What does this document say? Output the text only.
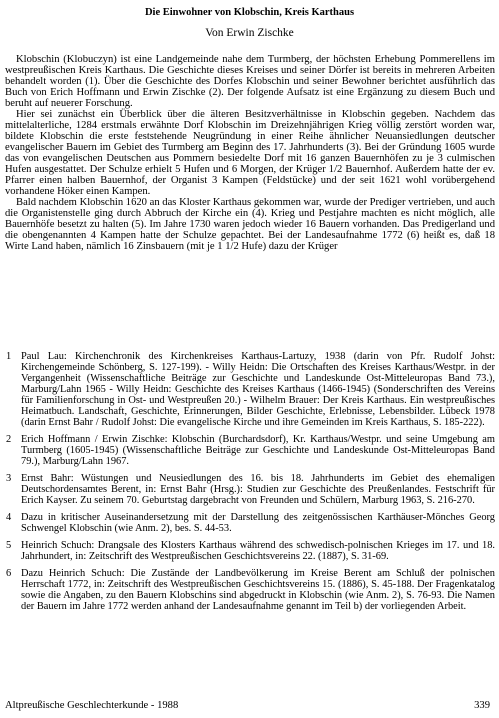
Die Einwohner von Klobschin, Kreis Karthaus
Von Erwin Zischke

Klobschin (Klobuczyn) ist eine Landgemeinde nahe dem Turmberg, der höchsten Erhebung Pommerellens im westpreußischen Kreis Karthaus. Die Geschichte dieses Kreises und seiner Dörfer ist bereits in mehreren Arbeiten behandelt worden (1). Über die Geschichte des Dorfes Klobschin und seiner Bewohner berichtet ausführlich das Buch von Erich Hoffmann und Erwin Zischke (2). Der folgende Aufsatz ist eine Ergänzung zu diesem Buch und beruht auf neuerer Forschung.

Hier sei zunächst ein Überblick über die älteren Besitzverhältnisse in Klobschin gegeben. Nachdem das mittelalterliche, 1284 erstmals erwähnte Dorf Klobschin im Dreizehnjährigen Krieg völlig zerstört worden war, bildete Klobschin die erste feststehende Neugründung in einer Reihe ähnlicher Neuansiedlungen deutscher evangelischer Bauern im Gebiet des Turmberg am Beginn des 17. Jahrhunderts (3). Bei der Gründung 1605 wurde das von evangelischen Deutschen aus Pommern besiedelte Dorf mit 16 ganzen Bauernhöfen zu je 3 culmischen Hufen ausgestattet. Der Schulze erhielt 5 Hufen und 6 Morgen, der Krüger 1/2 Bauernhof. Außerdem hatte der ev. Pfarrer einen halben Bauernhof, der Organist 3 Kampen (Feldstücke) und der seit 1621 wohl vorübergehend vorhandene Höker einen Kampen.

Bald nachdem Klobschin 1620 an das Kloster Karthaus gekommen war, wurde der Prediger vertrieben, und auch die Organistenstelle ging durch Abbruch der Kirche ein (4). Krieg und Pestjahre machten es nicht möglich, alle Bauernhöfe besetzt zu halten (5). Im Jahre 1730 waren jedoch wieder 16 Bauern vorhanden. Das Predigerland und die obengenannten 4 Kampen hatte der Schulze gepachtet. Bei der Landesaufnahme 1772 (6) heißt es, daß 18 Wirte Land haben, nämlich 16 Zinsbauern (mit je 1 1/2 Hufe) dazu der Krüger

1 Paul Lau: Kirchenchronik des Kirchenkreises Karthaus-Lartuzy, 1938 (darin von Pfr. Rudolf Johst: Kirchengemeinde Schönberg, S. 127-199). - Willy Heidn: Die Ortschaften des Kreises Karthaus/Westpr. in der Vergangenheit (Wissenschaftliche Beiträge zur Geschichte und Landeskunde Ost-Mitteleuropas Band 73.), Marburg/Lahn 1965 - Willy Heidn: Geschichte des Kreises Karthaus (1466-1945) (Sonderschriften des Vereins für Familienforschung in Ost- und Westpreußen 20.) - Wilhelm Brauer: Der Kreis Karthaus. Ein westpreußisches Heimatbuch. Landschaft, Geschichte, Erinnerungen, Bilder Geschichte, Erlebnisse, Lebensbilder. Lübeck 1978 (darin Ernst Bahr / Rudolf Johst: Die evangelische Kirche und ihre Gemeinden im Kreis Karthaus, S. 185-222).
2 Erich Hoffmann / Erwin Zischke: Klobschin (Burchardsdorf), Kr. Karthaus/Westpr. und seine Umgebung am Turmberg (1605-1945) (Wissenschaftliche Beiträge zur Geschichte und Landeskunde Ost-Mitteleuropas Band 79.), Marburg/Lahn 1967.
3 Ernst Bahr: Wüstungen und Neusiedlungen des 16. bis 18. Jahrhunderts im Gebiet des ehemaligen Deutschordensamtes Berent, in: Ernst Bahr (Hrsg.): Studien zur Geschichte des Preußenlandes. Festschrift für Erich Kayser. Zu seinem 70. Geburtstag dargebracht von Freunden und Schülern, Marburg 1963, S. 216-270.
4 Dazu in kritischer Auseinandersetzung mit der Darstellung des zeitgenössischen Karthäuser-Mönches Georg Schwengel Klobschin (wie Anm. 2), bes. S. 44-53.
5 Heinrich Schuch: Drangsale des Klosters Karthaus während des schwedisch-polnischen Krieges im 17. und 18. Jahrhundert, in: Zeitschrift des Westpreußischen Geschichtsvereins 22. (1887), S. 31-69.
6 Dazu Heinrich Schuch: Die Zustände der Landbevölkerung im Kreise Berent am Schluß der polnischen Herrschaft 1772, in: Zeitschrift des Westpreußischen Geschichtsvereins 15. (1886), S. 45-188. Der Fragenkatalog sowie die Angaben, zu den Bauern Klobschins sind abgedruckt in Klobschin (wie Anm. 2), S. 76-93. Die Namen der Bauern im Jahre 1772 werden anhand der Landesaufnahme genannt im Teil b) der vorliegenden Arbeit.
Altpreußische Geschlechterkunde - 1988	339
